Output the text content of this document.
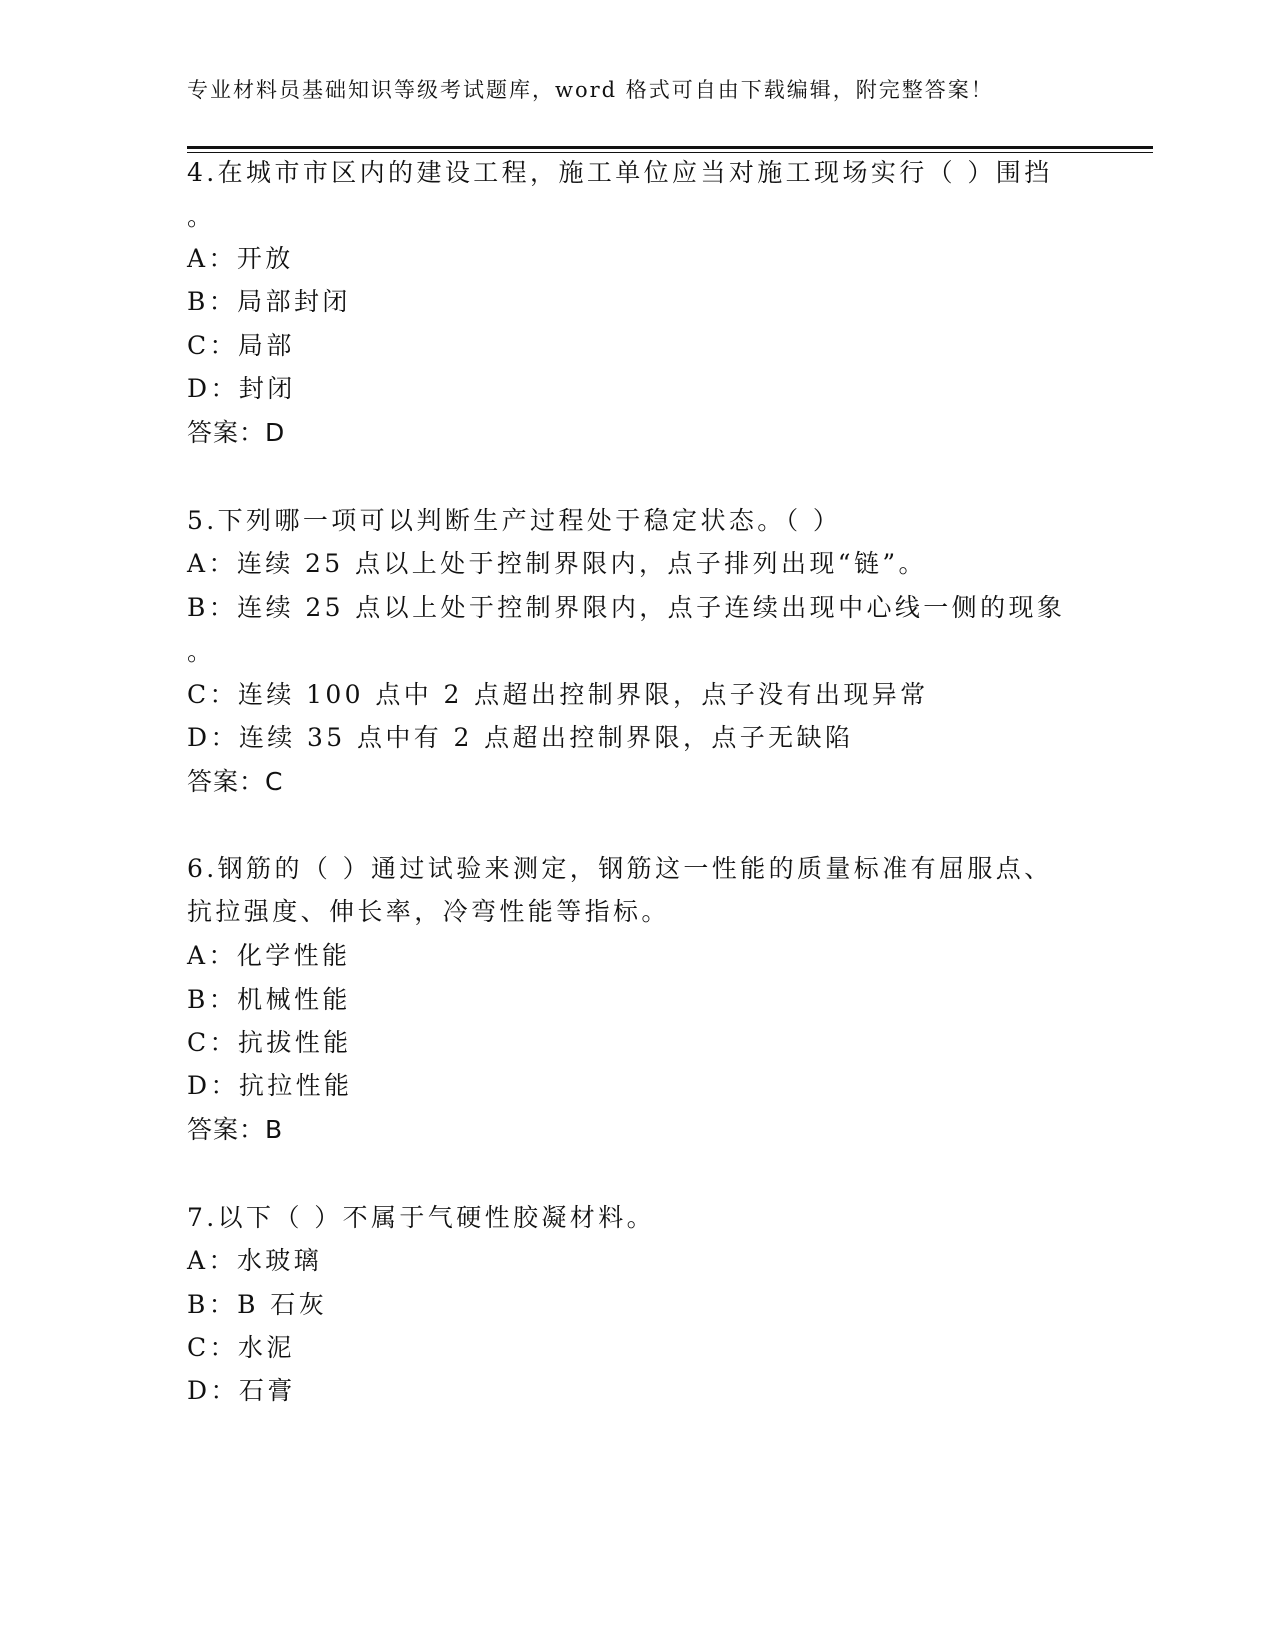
专业材料员基础知识等级考试题库，word 格式可自由下载编辑，附完整答案！
4.在城市市区内的建设工程，施工单位应当对施工现场实行（ ）围挡
。
A：开放
B：局部封闭
C：局部
D：封闭
答案：D
5.下列哪一项可以判断生产过程处于稳定状态。（ ）
A：连续 25 点以上处于控制界限内，点子排列出现“链”。
B：连续 25 点以上处于控制界限内，点子连续出现中心线一侧的现象
。
C：连续 100 点中 2 点超出控制界限，点子没有出现异常
D：连续 35 点中有 2 点超出控制界限，点子无缺陷
答案：C
6.钢筋的（ ）通过试验来测定，钢筋这一性能的质量标准有屈服点、
抗拉强度、伸长率，冷弯性能等指标。
A：化学性能
B：机械性能
C：抗拔性能
D：抗拉性能
答案：B
7.以下（ ）不属于气硬性胶凝材料。
A：水玻璃
B：B 石灰
C：水泥
D：石膏
